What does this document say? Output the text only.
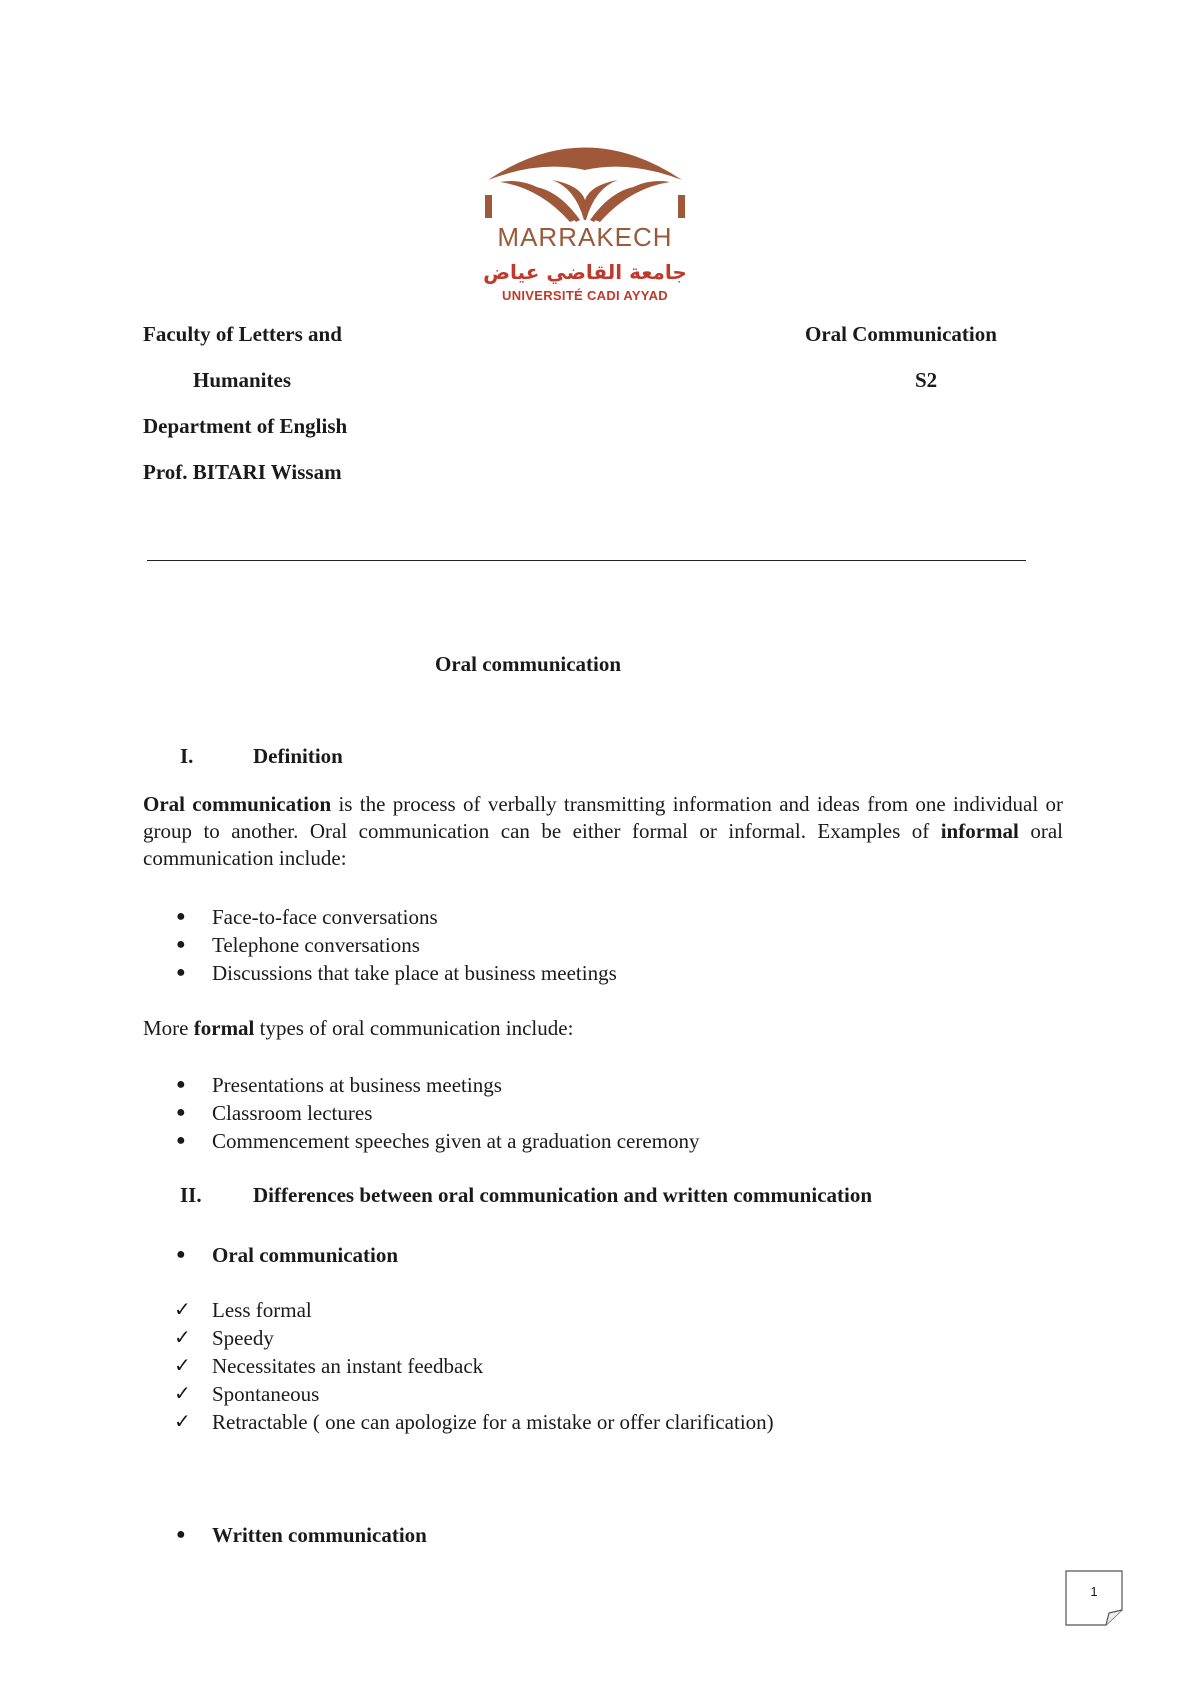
MARRAKECH
جامعة القاضي عياض
UNIVERSITÉ CADI AYYAD
Faculty of Letters and
Humanites
Department of English
Prof. BITARI Wissam
Oral Communication
S2
Oral communication
I.	Definition
Oral communication is the process of verbally transmitting information and ideas from one individual or group to another. Oral communication can be either formal or informal. Examples of informal oral communication include:
● Face-to-face conversations
● Telephone conversations
● Discussions that take place at business meetings
More formal types of oral communication include:
● Presentations at business meetings
● Classroom lectures
● Commencement speeches given at a graduation ceremony
II. Differences between oral communication and written communication
● Oral communication
✓ Less formal
✓ Speedy
✓ Necessitates an instant feedback
✓ Spontaneous
✓ Retractable ( one can apologize for a mistake or offer clarification)
● Written communication
1
